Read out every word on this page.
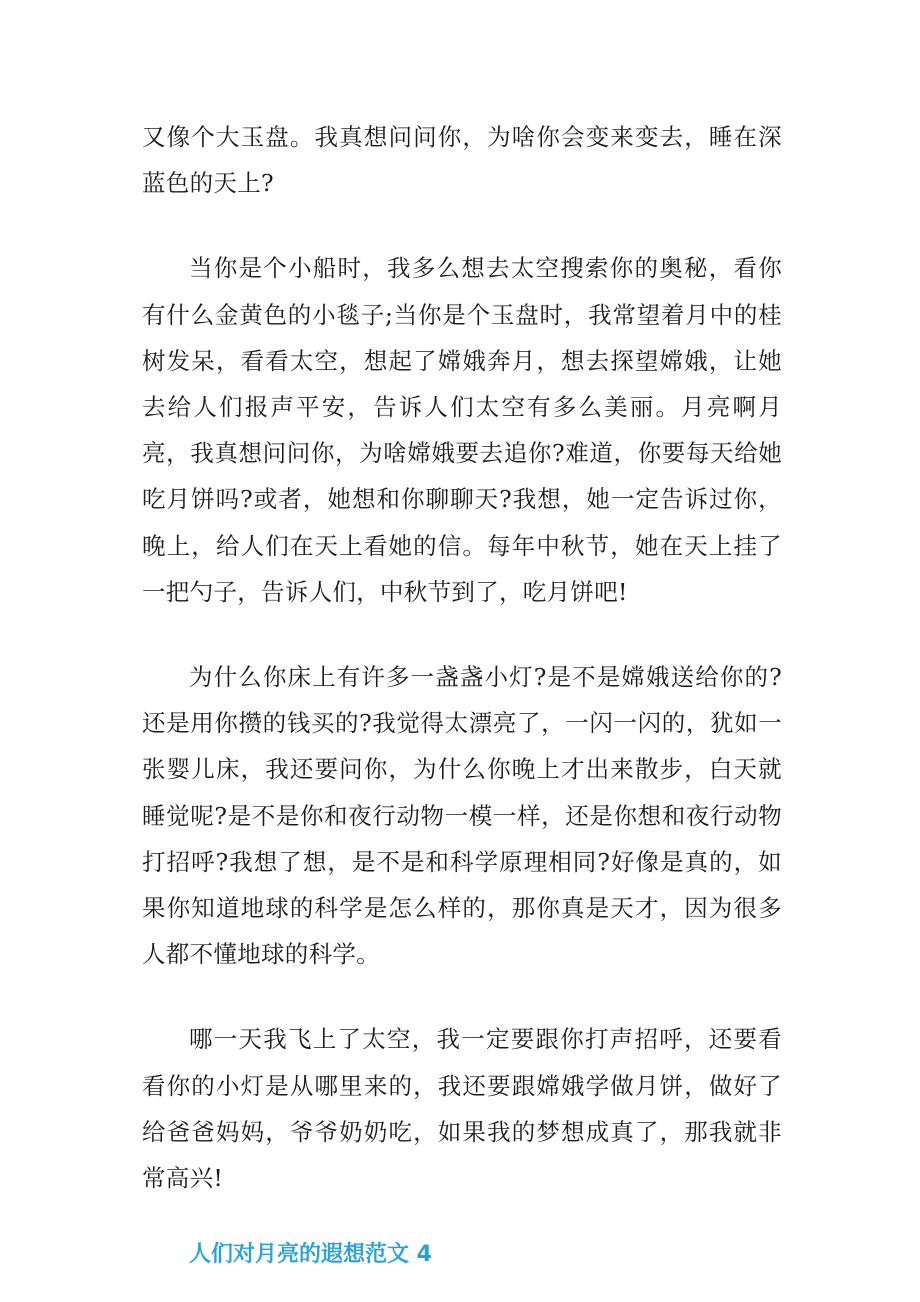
又像个大玉盘。我真想问问你，为啥你会变来变去，睡在深蓝色的天上?

当你是个小船时，我多么想去太空搜索你的奥秘，看你有什么金黄色的小毯子;当你是个玉盘时，我常望着月中的桂树发呆，看看太空，想起了嫦娥奔月，想去探望嫦娥，让她去给人们报声平安，告诉人们太空有多么美丽。月亮啊月亮，我真想问问你，为啥嫦娥要去追你?难道，你要每天给她吃月饼吗?或者，她想和你聊聊天?我想，她一定告诉过你，晚上，给人们在天上看她的信。每年中秋节，她在天上挂了一把勺子，告诉人们，中秋节到了，吃月饼吧!

为什么你床上有许多一盏盏小灯?是不是嫦娥送给你的?还是用你攒的钱买的?我觉得太漂亮了，一闪一闪的，犹如一张婴儿床，我还要问你，为什么你晚上才出来散步，白天就睡觉呢?是不是你和夜行动物一模一样，还是你想和夜行动物打招呼?我想了想，是不是和科学原理相同?好像是真的，如果你知道地球的科学是怎么样的，那你真是天才，因为很多人都不懂地球的科学。

哪一天我飞上了太空，我一定要跟你打声招呼，还要看看你的小灯是从哪里来的，我还要跟嫦娥学做月饼，做好了给爸爸妈妈，爷爷奶奶吃，如果我的梦想成真了，那我就非常高兴!

人们对月亮的遐想范文 4
